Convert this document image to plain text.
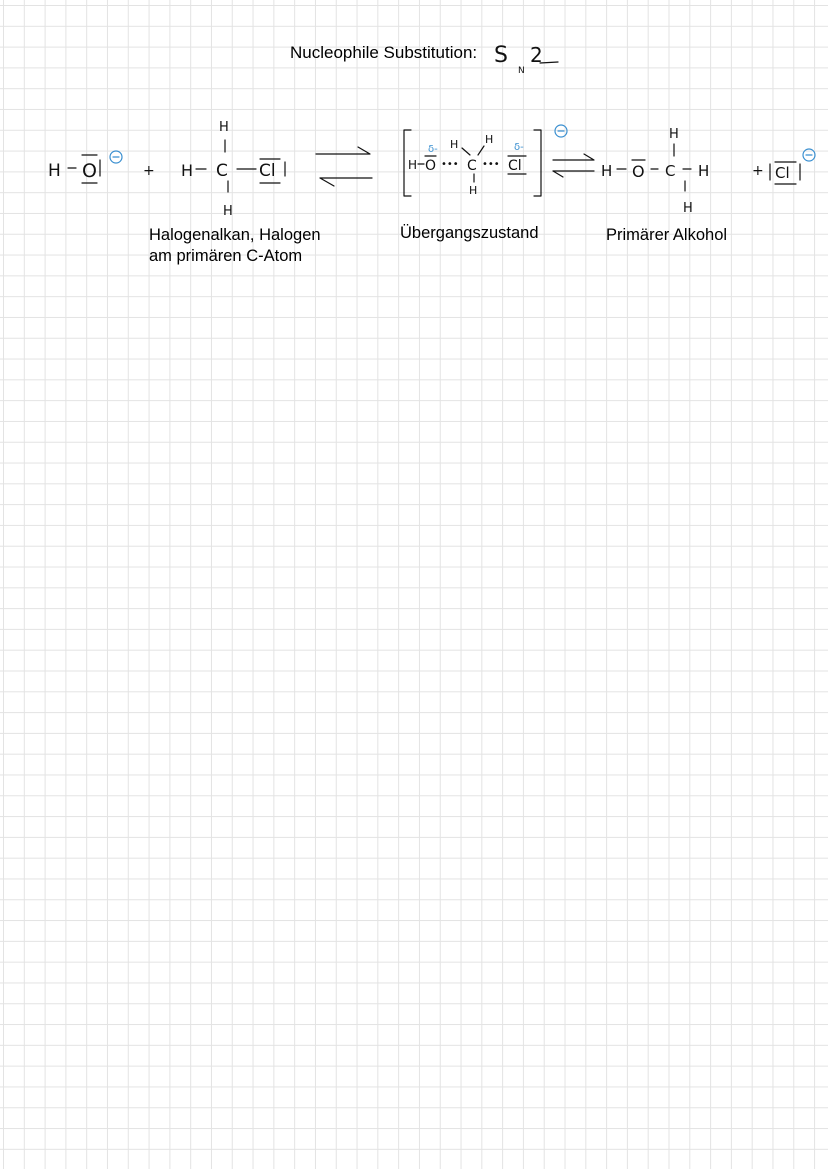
Nucleophile Substitution: S
N
2
H O	+
H
H C Cl
H
H O
δ-
•••
H H
C
H
••• Cl
δ-
H O C H
H
H
+ Cl
Halogenalkan, Halogen
am primären C-Atom
Übergangszustand	Primärer Alkohol
